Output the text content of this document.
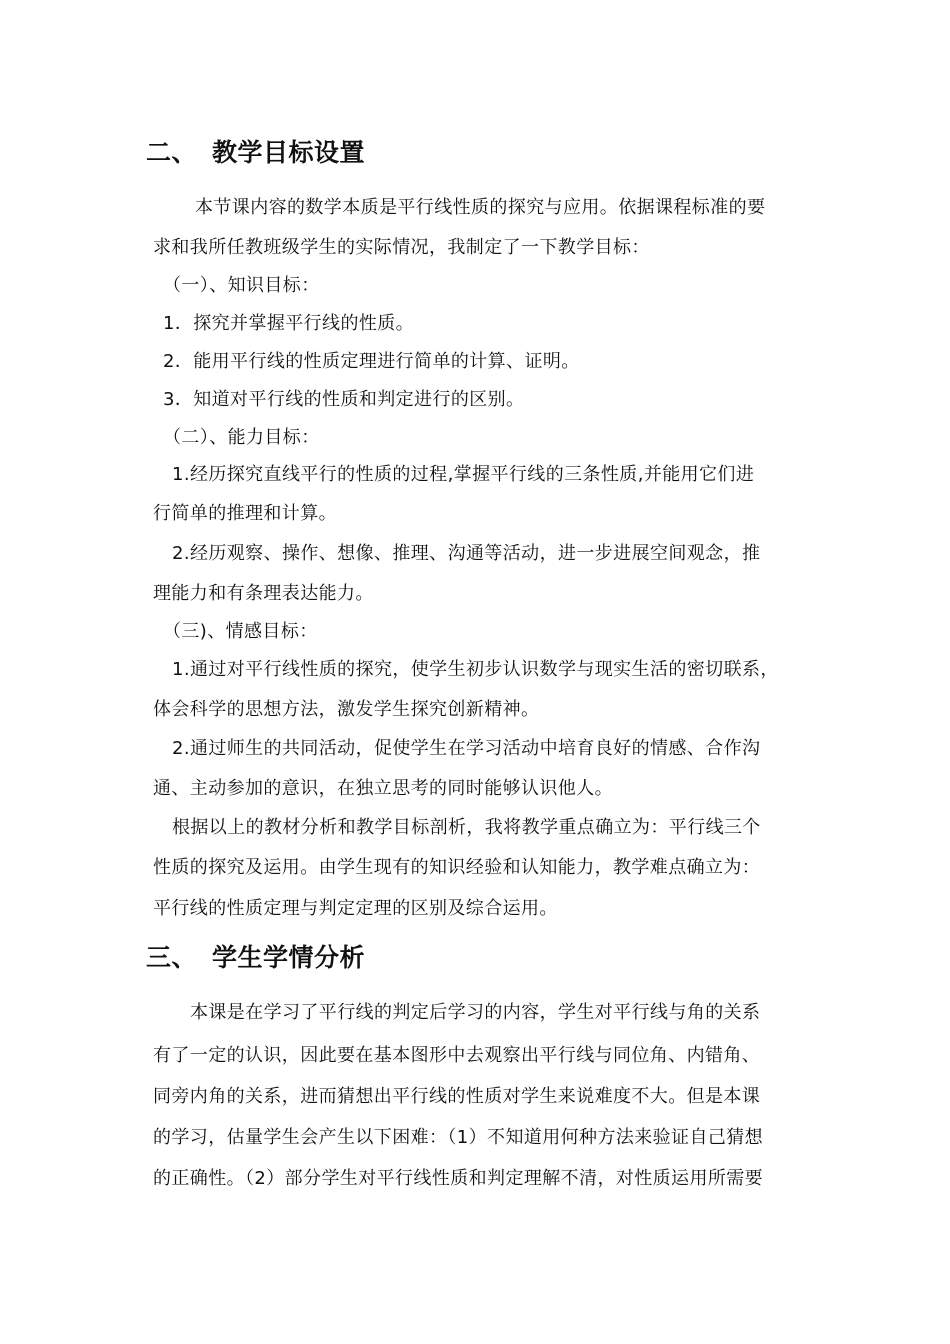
二、 教学目标设置
本节课内容的数学本质是平行线性质的探究与应用。依据课程标准的要
求和我所任教班级学生的实际情况，我制定了一下教学目标：
（一）、知识目标：
1．探究并掌握平行线的性质。
2．能用平行线的性质定理进行简单的计算、证明。
3．知道对平行线的性质和判定进行的区别。
（二）、能力目标：
1.经历探究直线平行的性质的过程,掌握平行线的三条性质,并能用它们进
行简单的推理和计算。
2.经历观察、操作、想像、推理、沟通等活动，进一步进展空间观念，推
理能力和有条理表达能力。
（三)、情感目标：
1.通过对平行线性质的探究，使学生初步认识数学与现实生活的密切联系，
体会科学的思想方法，激发学生探究创新精神。
2.通过师生的共同活动，促使学生在学习活动中培育良好的情感、合作沟
通、主动参加的意识，在独立思考的同时能够认识他人。
根据以上的教材分析和教学目标剖析，我将教学重点确立为：平行线三个
性质的探究及运用。由学生现有的知识经验和认知能力，教学难点确立为：
平行线的性质定理与判定定理的区别及综合运用。
三、 学生学情分析
本课是在学习了平行线的判定后学习的内容，学生对平行线与角的关系
有了一定的认识，因此要在基本图形中去观察出平行线与同位角、内错角、
同旁内角的关系，进而猜想出平行线的性质对学生来说难度不大。但是本课
的学习，估量学生会产生以下困难：（1）不知道用何种方法来验证自己猜想
的正确性。（2）部分学生对平行线性质和判定理解不清，对性质运用所需要
